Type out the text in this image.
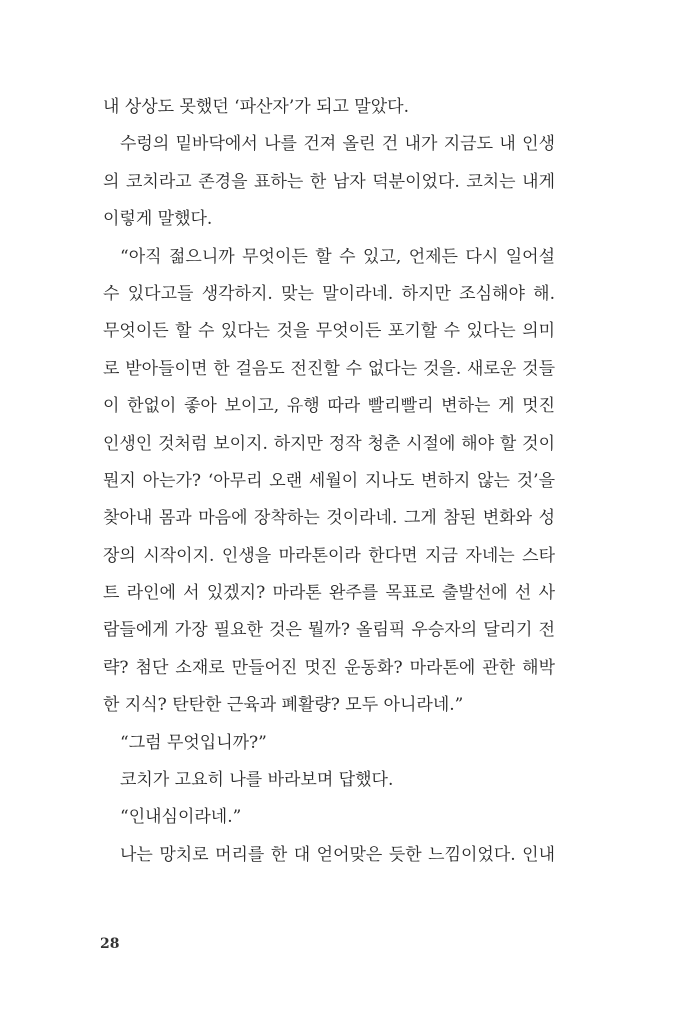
내 상상도 못했던 ‘파산자’가 되고 말았다.
수렁의 밑바닥에서 나를 건져 올린 건 내가 지금도 내 인생
의 코치라고 존경을 표하는 한 남자 덕분이었다. 코치는 내게
이렇게 말했다.
“아직 젊으니까 무엇이든 할 수 있고, 언제든 다시 일어설
수 있다고들 생각하지. 맞는 말이라네. 하지만 조심해야 해.
무엇이든 할 수 있다는 것을 무엇이든 포기할 수 있다는 의미
로 받아들이면 한 걸음도 전진할 수 없다는 것을. 새로운 것들
이 한없이 좋아 보이고, 유행 따라 빨리빨리 변하는 게 멋진
인생인 것처럼 보이지. 하지만 정작 청춘 시절에 해야 할 것이
뭔지 아는가? ‘아무리 오랜 세월이 지나도 변하지 않는 것’을
찾아내 몸과 마음에 장착하는 것이라네. 그게 참된 변화와 성
장의 시작이지. 인생을 마라톤이라 한다면 지금 자네는 스타
트 라인에 서 있겠지? 마라톤 완주를 목표로 출발선에 선 사
람들에게 가장 필요한 것은 뭘까? 올림픽 우승자의 달리기 전
략? 첨단 소재로 만들어진 멋진 운동화? 마라톤에 관한 해박
한 지식? 탄탄한 근육과 폐활량? 모두 아니라네.”
“그럼 무엇입니까?”
코치가 고요히 나를 바라보며 답했다.
“인내심이라네.”
나는 망치로 머리를 한 대 얻어맞은 듯한 느낌이었다. 인내
28
